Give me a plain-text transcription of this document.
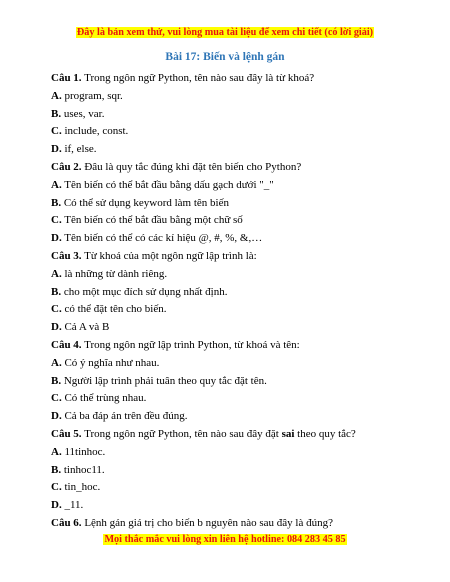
Đây là bản xem thử, vui lòng mua tài liệu để xem chi tiết (có lời giải)
Bài 17: Biến và lệnh gán
Câu 1. Trong ngôn ngữ Python, tên nào sau đây là từ khoá?
A. program, sqr.
B. uses, var.
C. include, const.
D. if, else.
Câu 2. Đâu là quy tắc đúng khi đặt tên biến cho Python?
A. Tên biến có thể bắt đầu bằng dấu gạch dưới "_"
B. Có thể sử dụng keyword làm tên biến
C. Tên biến có thể bắt đầu bằng một chữ số
D. Tên biến có thể có các kí hiệu @, #, %, &,…
Câu 3. Từ khoá của một ngôn ngữ lập trình là:
A. là những từ dành riêng.
B. cho một mục đích sử dụng nhất định.
C. có thể đặt tên cho biến.
D. Cả A và B
Câu 4. Trong ngôn ngữ lập trình Python, từ khoá và tên:
A. Có ý nghĩa như nhau.
B. Người lập trình phải tuân theo quy tắc đặt tên.
C. Có thể trùng nhau.
D. Cả ba đáp án trên đều đúng.
Câu 5. Trong ngôn ngữ Python, tên nào sau đây đặt sai theo quy tắc?
A. 11tinhoc.
B. tinhoc11.
C. tin_hoc.
D. _11.
Câu 6. Lệnh gán giá trị cho biến b nguyên nào sau đây là đúng?
Mọi thắc mắc vui lòng xin liên hệ hotline: 084 283 45 85
